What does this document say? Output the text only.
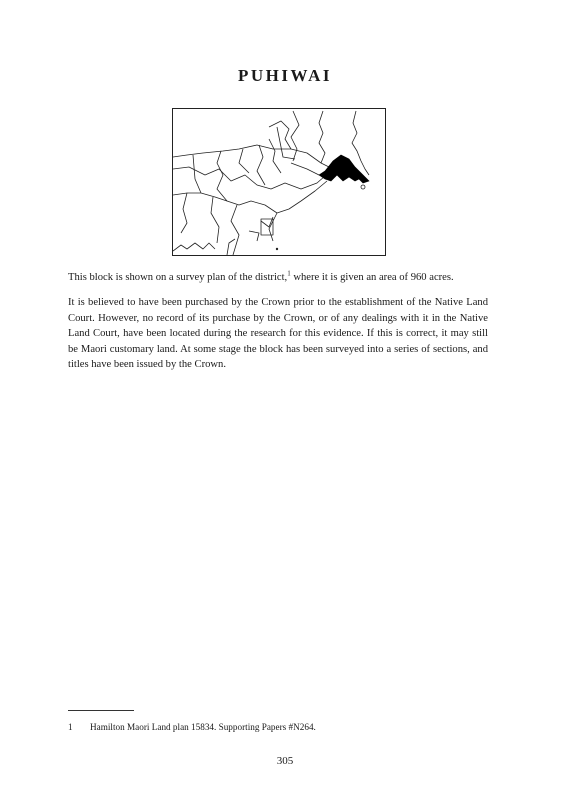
PUHIWAI

This block is shown on a survey plan of the district,$^1$ where it is given an area of 960 acres.

It is believed to have been purchased by the Crown prior to the establishment of the Native Land Court. However, no record of its purchase by the Crown, or of any dealings with it in the Native Land Court, have been located during the research for this evidence. If this is correct, it may still be Maori customary land. At some stage the block has been surveyed into a series of sections, and titles have been issued by the Crown.

1 Hamilton Maori Land plan 15834. Supporting Papers #N264.
305
